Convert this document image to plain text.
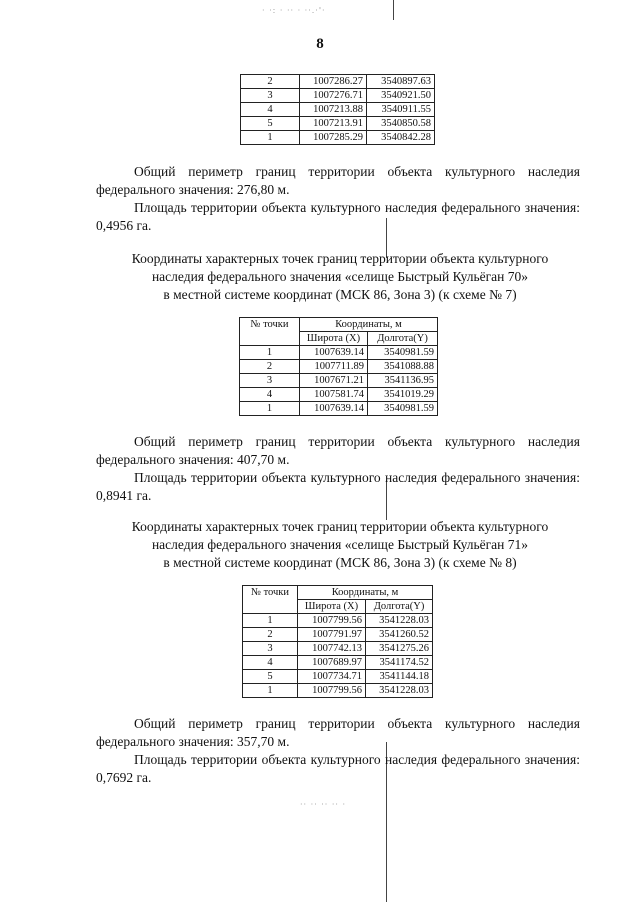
· ·: · ·· · ··.·'·
·· ·· ·· ·· ·
8
2	1007286.27	3540897.63
3	1007276.71	3540921.50
4	1007213.88	3540911.55
5	1007213.91	3540850.58
1	1007285.29	3540842.28

Общий периметр границ территории объекта культурного наследия федерального значения: 276,80 м.

Площадь территории объекта культурного наследия федерального значения: 0,4956 га.

Координаты характерных точек границ территории объекта культурного
наследия федерального значения «селище Быстрый Кульёган 70»
в местной системе координат (МСК 86, Зона 3) (к схеме № 7)

№ точки	Координаты, м	
	Широта (X)	Долгота(Y)
1	1007639.14	3540981.59
2	1007711.89	3541088.88
3	1007671.21	3541136.95
4	1007581.74	3541019.29
1	1007639.14	3540981.59

Общий периметр границ территории объекта культурного наследия федерального значения: 407,70 м.

Площадь территории объекта культурного наследия федерального значения: 0,8941 га.

Координаты характерных точек границ территории объекта культурного
наследия федерального значения «селище Быстрый Кульёган 71»
в местной системе координат (МСК 86, Зона 3) (к схеме № 8)

№ точки	Координаты, м	
	Широта (X)	Долгота(Y)
1	1007799.56	3541228.03
2	1007791.97	3541260.52
3	1007742.13	3541275.26
4	1007689.97	3541174.52
5	1007734.71	3541144.18
1	1007799.56	3541228.03

Общий периметр границ территории объекта культурного наследия федерального значения: 357,70 м.

Площадь территории объекта культурного наследия федерального значения: 0,7692 га.
